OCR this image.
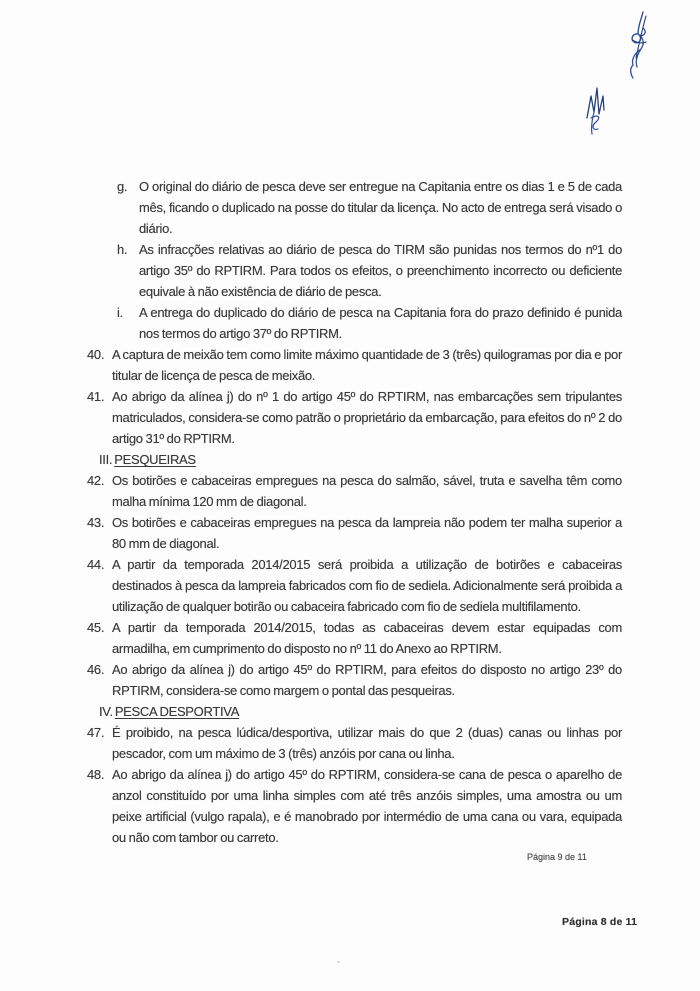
g. O original do diário de pesca deve ser entregue na Capitania entre os dias 1 e 5 de cada mês, ficando o duplicado na posse do titular da licença. No acto de entrega será visado o diário.
h. As infracções relativas ao diário de pesca do TIRM são punidas nos termos do nº1 do artigo 35º do RPTIRM. Para todos os efeitos, o preenchimento incorrecto ou deficiente equivale à não existência de diário de pesca.
i. A entrega do duplicado do diário de pesca na Capitania fora do prazo definido é punida nos termos do artigo 37º do RPTIRM.
40. A captura de meixão tem como limite máximo quantidade de 3 (três) quilogramas por dia e por titular de licença de pesca de meixão.
41. Ao abrigo da alínea j) do nº 1 do artigo 45º do RPTIRM, nas embarcações sem tripulantes matriculados, considera-se como patrão o proprietário da embarcação, para efeitos do nº 2 do artigo 31º do RPTIRM.
III. PESQUEIRAS
42. Os botirões e cabaceiras empregues na pesca do salmão, sável, truta e savelha têm como malha mínima 120 mm de diagonal.
43. Os botirões e cabaceiras empregues na pesca da lampreia não podem ter malha superior a 80 mm de diagonal.
44. A partir da temporada 2014/2015 será proibida a utilização de botirões e cabaceiras destinados à pesca da lampreia fabricados com fio de sediela. Adicionalmente será proibida a utilização de qualquer botirão ou cabaceira fabricado com fio de sediela multifilamento.
45. A partir da temporada 2014/2015, todas as cabaceiras devem estar equipadas com armadilha, em cumprimento do disposto no nº 11 do Anexo ao RPTIRM.
46. Ao abrigo da alínea j) do artigo 45º do RPTIRM, para efeitos do disposto no artigo 23º do RPTIRM, considera-se como margem o pontal das pesqueiras.
IV. PESCA DESPORTIVA
47. É proibido, na pesca lúdica/desportiva, utilizar mais do que 2 (duas) canas ou linhas por pescador, com um máximo de 3 (três) anzóis por cana ou linha.
48. Ao abrigo da alínea j) do artigo 45º do RPTIRM, considera-se cana de pesca o aparelho de anzol constituído por uma linha simples com até três anzóis simples, uma amostra ou um peixe artificial (vulgo rapala), e é manobrado por intermédio de uma cana ou vara, equipada ou não com tambor ou carreto.
Página 9 de 11
Página 8 de 11
